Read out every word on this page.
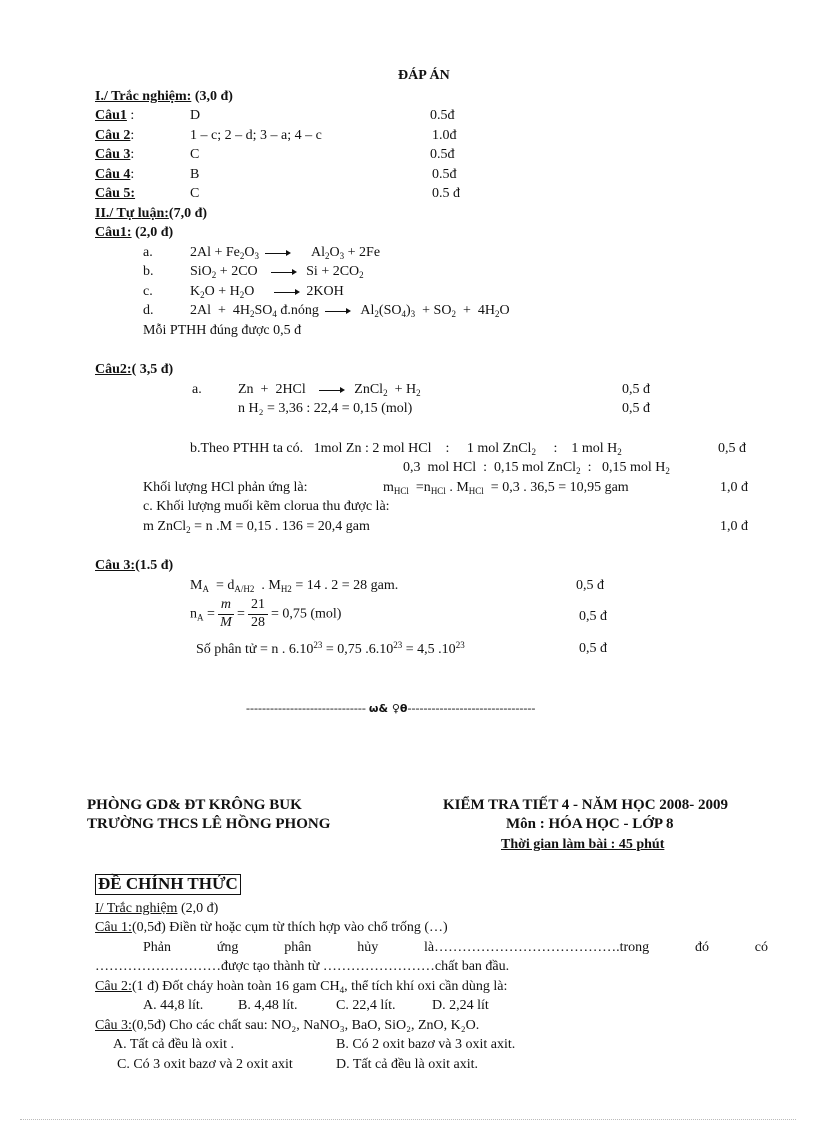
ĐÁP ÁN
I./ Trắc nghiệm: (3,0 đ)
Câu1 :	D	0.5đ
Câu 2:	1 – c; 2 – d; 3 – a; 4 – c	1.0đ
Câu 3:	C	0.5đ
Câu 4:	B	0.5đ
Câu 5:	C	0.5 đ
II./ Tự luận:(7,0 đ)
Câu1: (2,0 đ)
a.	$2Al + Fe_2O_3$	$Al_2O_3 + 2Fe$
b.	SiO$_2$ + 2CO	$Si + 2CO_2$
c.	$K_2O + H_2O$	2KOH
d.	$2Al + 4H_2SO_4$ đ.nóng	$Al_2(SO_4)_3 + SO_2 + 4H_2O$
Mỗi PTHH đúng được 0,5 đ
Câu2:( 3,5 đ)
a.	Zn  +  2HCl	ZnCl$_2$  + $H_2$	0,5 đ
n H₂ = 3,36 : 22,4 = 0,15 (mol)	0,5 đ
b.Theo PTHH ta có.   1mol Zn : 2 mol HCl    :     1 mol ZnCl$_2$     :    1 mol $H_2$	0,5 đ
0,3  mol HCl  :  0,15 mol ZnCl$_2$  :   0,15 mol $H_2$
Khối lượng HCl phản ứng là:	$m_{HCl} =n_{HCl}$ . $M_{HCl} = 0,3$ . 36,5 = 10,95 gam	1,0 đ
c. Khối lượng muối kẽm clorua thu được là:
m ZnCl$_2$ = n .M = 0,15 . 136 = 20,4 gam	1,0 đ
Câu 3:(1.5 đ)
$M_A = d_{A/H2}$  . $M_{H2} = 14$ . 2 = 28 gam.	0,5 đ
$n_A = \frac{m}{M} = \frac{21}{28} = 0,75$ (mol)	0,5 đ
Số phân tử = n . $6.10^{23} = 0,75$ $.6.10^{23} = 4,5$ $.10^{23}$	0,5 đ
------------------------------ ω& ♀θ--------------------------------
PHÒNG GD& ĐT KRÔNG BUK
TRƯỜNG THCS LÊ HỒNG PHONG
KIỂM TRA TIẾT 4 - NĂM HỌC 2008- 2009
Môn : HÓA HỌC - LỚP 8
Thời gian làm bài : 45 phút
ĐỀ CHÍNH THỨC
I/ Trắc nghiệm (2,0 đ)
Câu 1:(0,5đ) Điền từ hoặc cụm từ thích hợp vào chổ trống (…)
Phản	ứng	phân	hủy	là………………………………….trong	đó	có
………………………được tạo thành từ ……………………chất ban đầu.
Câu 2:(1 đ) Đốt cháy hoàn toàn 16 gam $CH_4$, thể tích khí oxi cần dùng là:
A. 44,8 lít. B. 4,48 lít.	C. 22,4 lít.	D. 2,24 lít
Câu 3:(0,5đ) Cho các chất sau: NO₂, NaNO₃, BaO, SiO₂, ZnO, K₂O.
A. Tất cả đều là oxit .	B. Có 2 oxit bazơ và 3 oxit axit.
C. Có 3 oxit bazơ và 2 oxit axit	D. Tất cả đều là oxit axit.
